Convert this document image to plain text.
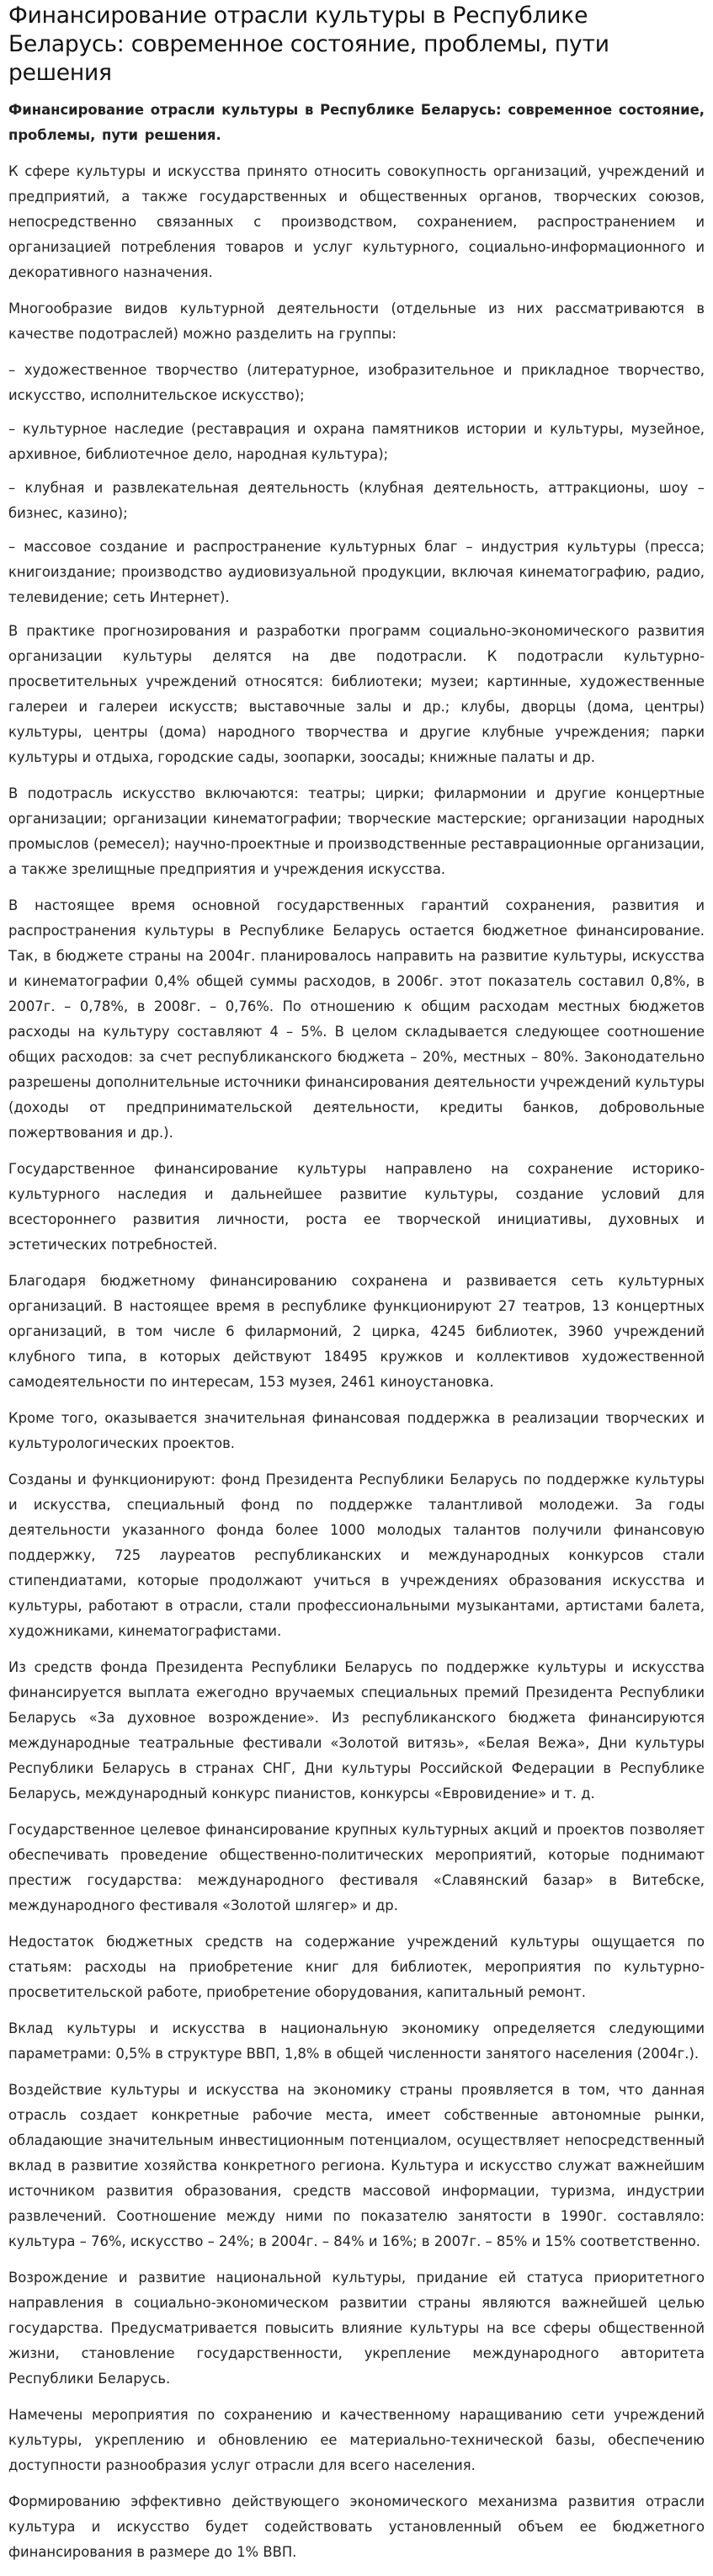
Финансирование отрасли культуры в Республике Беларусь: современное состояние, проблемы, пути решения

Финансирование отрасли культуры в Республике Беларусь: современное состояние, проблемы, пути решения.

К сфере культуры и искусства принято относить совокупность организаций, учреждений и предприятий, а также государственных и общественных органов, творческих союзов, непосредственно связанных с производством, сохранением, распространением и организацией потребления товаров и услуг культурного, социально-информационного и декоративного назначения.

Многообразие видов культурной деятельности (отдельные из них рассматриваются в качестве подотраслей) можно разделить на группы:

– художественное творчество (литературное, изобразительное и прикладное творчество, искусство, исполнительское искусство);

– культурное наследие (реставрация и охрана памятников истории и культуры, музейное, архивное, библиотечное дело, народная культура);

– клубная и развлекательная деятельность (клубная деятельность, аттракционы, шоу – бизнес, казино);

– массовое создание и распространение культурных благ – индустрия культуры (пресса; книгоиздание; производство аудиовизуальной продукции, включая кинематографию, радио, телевидение; сеть Интернет).

В практике прогнозирования и разработки программ социально-экономического развития организации культуры делятся на две подотрасли. К подотрасли культурно-просветительных учреждений относятся: библиотеки; музеи; картинные, художественные галереи и галереи искусств; выставочные залы и др.; клубы, дворцы (дома, центры) культуры, центры (дома) народного творчества и другие клубные учреждения; парки культуры и отдыха, городские сады, зоопарки, зоосады; книжные палаты и др.

В подотрасль искусство включаются: театры; цирки; филармонии и другие концертные организации; организации кинематографии; творческие мастерские; организации народных промыслов (ремесел); научно-проектные и производственные реставрационные организации, а также зрелищные предприятия и учреждения искусства.

В настоящее время основной государственных гарантий сохранения, развития и распространения культуры в Республике Беларусь остается бюджетное финансирование. Так, в бюджете страны на 2004г. планировалось направить на развитие культуры, искусства и кинематографии 0,4% общей суммы расходов, в 2006г. этот показатель составил 0,8%, в 2007г. – 0,78%, в 2008г. – 0,76%. По отношению к общим расходам местных бюджетов расходы на культуру составляют 4 – 5%. В целом складывается следующее соотношение общих расходов: за счет республиканского бюджета – 20%, местных – 80%. Законодательно разрешены дополнительные источники финансирования деятельности учреждений культуры (доходы от предпринимательской деятельности, кредиты банков, добровольные пожертвования и др.).

Государственное финансирование культуры направлено на сохранение историко-культурного наследия и дальнейшее развитие культуры, создание условий для всестороннего развития личности, роста ее творческой инициативы, духовных и эстетических потребностей.

Благодаря бюджетному финансированию сохранена и развивается сеть культурных организаций. В настоящее время в республике функционируют 27 театров, 13 концертных организаций, в том числе 6 филармоний, 2 цирка, 4245 библиотек, 3960 учреждений клубного типа, в которых действуют 18495 кружков и коллективов художественной самодеятельности по интересам, 153 музея, 2461 киноустановка.

Кроме того, оказывается значительная финансовая поддержка в реализации творческих и культурологических проектов.

Созданы и функционируют: фонд Президента Республики Беларусь по поддержке культуры и искусства, специальный фонд по поддержке талантливой молодежи. За годы деятельности указанного фонда более 1000 молодых талантов получили финансовую поддержку, 725 лауреатов республиканских и международных конкурсов стали стипендиатами, которые продолжают учиться в учреждениях образования искусства и культуры, работают в отрасли, стали профессиональными музыкантами, артистами балета, художниками, кинематографистами.

Из средств фонда Президента Республики Беларусь по поддержке культуры и искусства финансируется выплата ежегодно вручаемых специальных премий Президента Республики Беларусь «За духовное возрождение». Из республиканского бюджета финансируются международные театральные фестивали «Золотой витязь», «Белая Вежа», Дни культуры Республики Беларусь в странах СНГ, Дни культуры Российской Федерации в Республике Беларусь, международный конкурс пианистов, конкурсы «Евровидение» и т. д.

Государственное целевое финансирование крупных культурных акций и проектов позволяет обеспечивать проведение общественно-политических мероприятий, которые поднимают престиж государства: международного фестиваля «Славянский базар» в Витебске, международного фестиваля «Золотой шлягер» и др.

Недостаток бюджетных средств на содержание учреждений культуры ощущается по статьям: расходы на приобретение книг для библиотек, мероприятия по культурно-просветительской работе, приобретение оборудования, капитальный ремонт.

Вклад культуры и искусства в национальную экономику определяется следующими параметрами: 0,5% в структуре ВВП, 1,8% в общей численности занятого населения (2004г.).

Воздействие культуры и искусства на экономику страны проявляется в том, что данная отрасль создает конкретные рабочие места, имеет собственные автономные рынки, обладающие значительным инвестиционным потенциалом, осуществляет непосредственный вклад в развитие хозяйства конкретного региона. Культура и искусство служат важнейшим источником развития образования, средств массовой информации, туризма, индустрии развлечений. Соотношение между ними по показателю занятости в 1990г. составляло: культура – 76%, искусство – 24%; в 2004г. – 84% и 16%; в 2007г. – 85% и 15% соответственно.

Возрождение и развитие национальной культуры, придание ей статуса приоритетного направления в социально-экономическом развитии страны являются важнейшей целью государства. Предусматривается повысить влияние культуры на все сферы общественной жизни, становление государственности, укрепление международного авторитета Республики Беларусь.

Намечены мероприятия по сохранению и качественному наращиванию сети учреждений культуры, укреплению и обновлению ее материально-технической базы, обеспечению доступности разнообразия услуг отрасли для всего населения.

Формированию эффективно действующего экономического механизма развития отрасли культура и искусство будет содействовать установленный объем ее бюджетного финансирования в размере до 1% ВВП.
